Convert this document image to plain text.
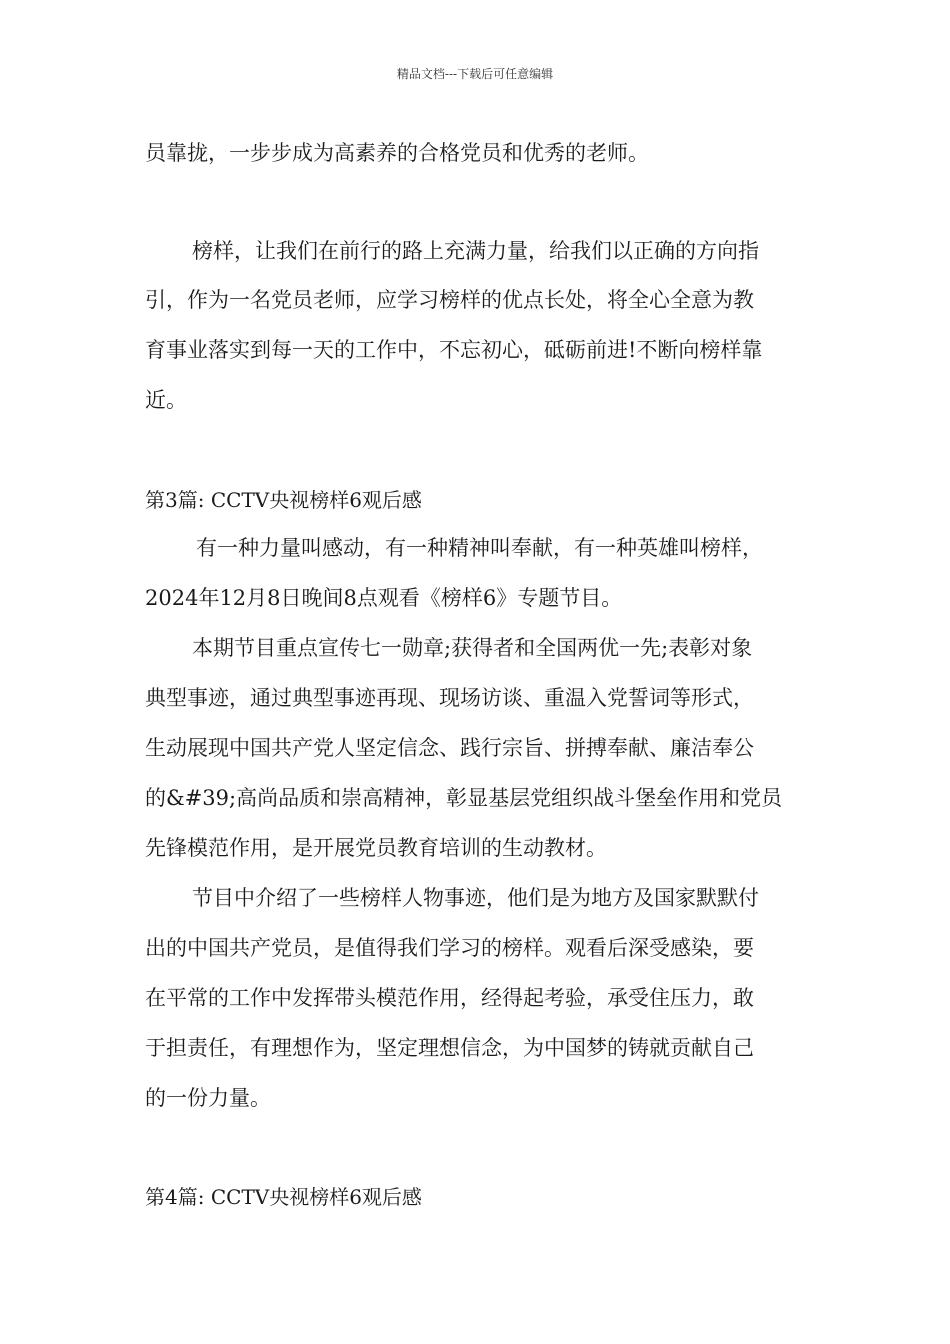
精品文档---下载后可任意编辑

员靠拢，一步步成为高素养的合格党员和优秀的老师。

榜样，让我们在前行的路上充满力量，给我们以正确的方向指

引，作为一名党员老师，应学习榜样的优点长处，将全心全意为教

育事业落实到每一天的工作中，不忘初心，砥砺前进!不断向榜样靠

近。

第3篇: CCTV央视榜样6观后感

有一种力量叫感动，有一种精神叫奉献，有一种英雄叫榜样，

2024年12月8日晚间8点观看《榜样6》专题节目。

本期节目重点宣传七一勋章;获得者和全国两优一先;表彰对象

典型事迹，通过典型事迹再现、现场访谈、重温入党誓词等形式，

生动展现中国共产党人坚定信念、践行宗旨、拼搏奉献、廉洁奉公

的&#39;高尚品质和崇高精神，彰显基层党组织战斗堡垒作用和党员

先锋模范作用，是开展党员教育培训的生动教材。

节目中介绍了一些榜样人物事迹，他们是为地方及国家默默付

出的中国共产党员，是值得我们学习的榜样。观看后深受感染，要

在平常的工作中发挥带头模范作用，经得起考验，承受住压力，敢

于担责任，有理想作为，坚定理想信念，为中国梦的铸就贡献自己

的一份力量。

第4篇: CCTV央视榜样6观后感
